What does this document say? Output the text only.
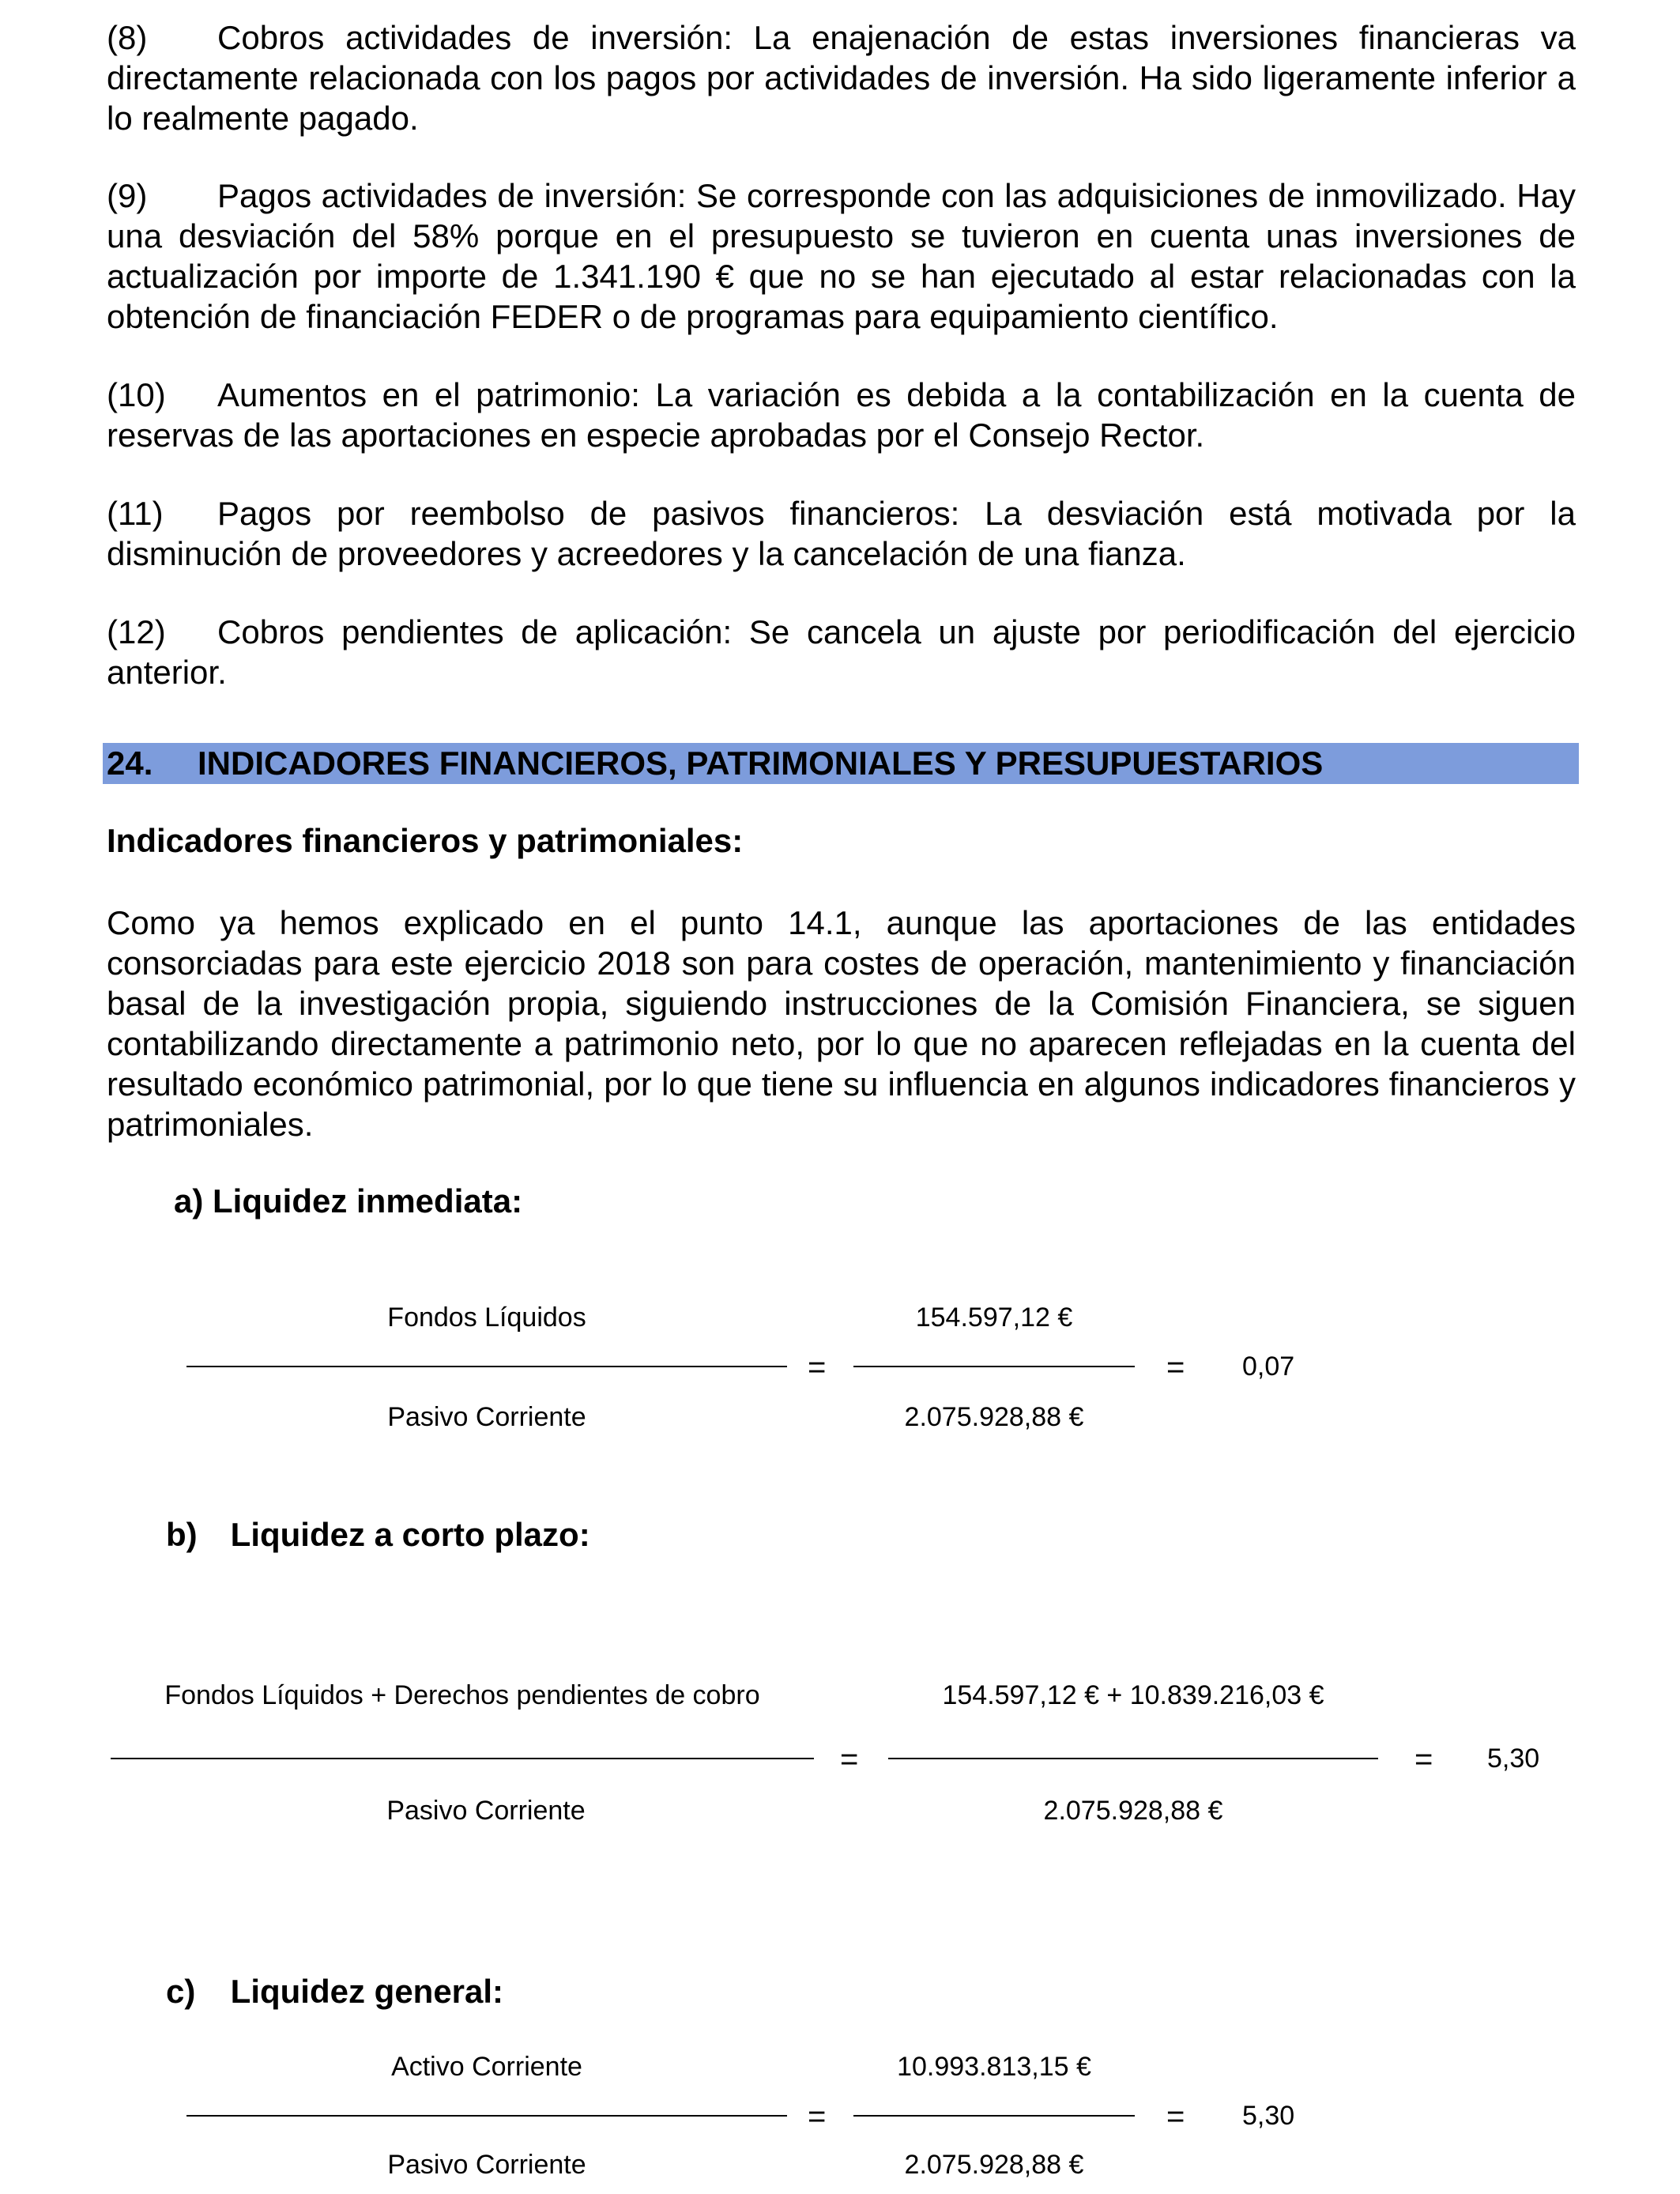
(8) Cobros actividades de inversión: La enajenación de estas inversiones financieras va directamente relacionada con los pagos por actividades de inversión. Ha sido ligeramente inferior a lo realmente pagado.

(9) Pagos actividades de inversión: Se corresponde con las adquisiciones de inmovilizado. Hay una desviación del 58% porque en el presupuesto se tuvieron en cuenta unas inversiones de actualización por importe de 1.341.190 € que no se han ejecutado al estar relacionadas con la obtención de financiación FEDER o de programas para equipamiento científico.

(10) Aumentos en el patrimonio: La variación es debida a la contabilización en la cuenta de reservas de las aportaciones en especie aprobadas por el Consejo Rector.

(11) Pagos por reembolso de pasivos financieros: La desviación está motivada por la disminución de proveedores y acreedores y la cancelación de una fianza.

(12) Cobros pendientes de aplicación: Se cancela un ajuste por periodificación del ejercicio anterior.

24. INDICADORES FINANCIEROS, PATRIMONIALES Y PRESUPUESTARIOS
Indicadores financieros y patrimoniales:

Como ya hemos explicado en el punto 14.1, aunque las aportaciones de las entidades consorciadas para este ejercicio 2018 son para costes de operación, mantenimiento y financiación basal de la investigación propia, siguiendo instrucciones de la Comisión Financiera, se siguen contabilizando directamente a patrimonio neto, por lo que no aparecen reflejadas en la cuenta del resultado económico patrimonial, por lo que tiene su influencia en algunos indicadores financieros y patrimoniales.

a) Liquidez inmediata:
Fondos Líquidos
Pasivo Corriente
=
154.597,12 €
2.075.928,88 €
= 0,07
b) Liquidez a corto plazo:
Fondos Líquidos + Derechos pendientes de cobro
Pasivo Corriente
=
154.597,12 € + 10.839.216,03 €
2.075.928,88 €
= 5,30
c) Liquidez general:
Activo Corriente
Pasivo Corriente
=
10.993.813,15 €
2.075.928,88 €
= 5,30
